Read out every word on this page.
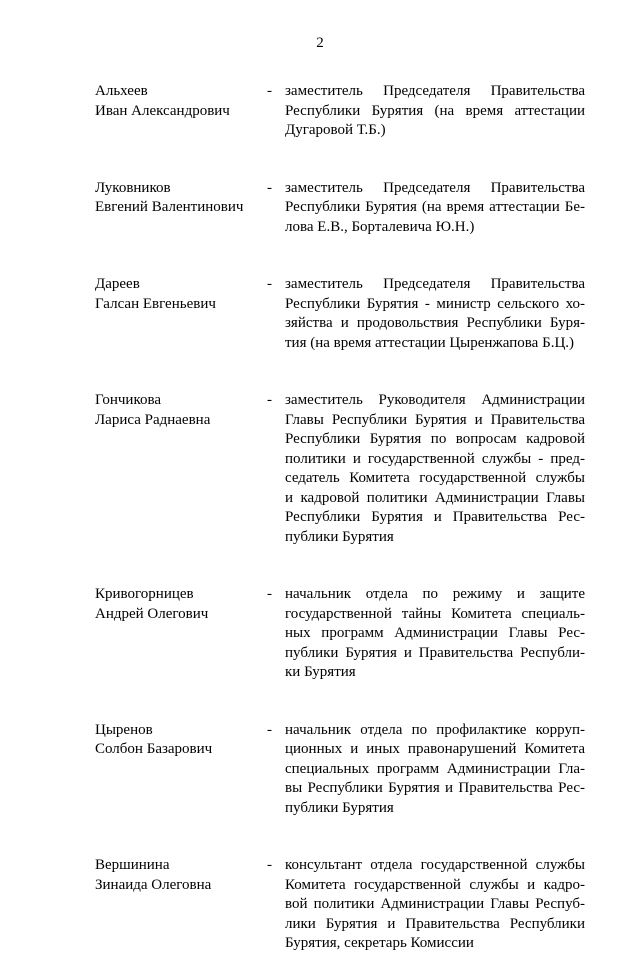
2
Альхеев
Иван Александрович
- заместитель Председателя Правительства
Республики Бурятия (на время аттестации
Дугаровой Т.Б.)
Луковников
Евгений Валентинович
- заместитель Председателя Правительства
Республики Бурятия (на время аттестации Бе-
лова Е.В., Борталевича Ю.Н.)
Дареев
Галсан Евгеньевич
- заместитель Председателя Правительства
Республики Бурятия - министр сельского хо-
зяйства и продовольствия Республики Буря-
тия (на время аттестации Цыренжапова Б.Ц.)
Гончикова
Лариса Раднаевна
- заместитель Руководителя Администрации
Главы Республики Бурятия и Правительства
Республики Бурятия по вопросам кадровой
политики и государственной службы - пред-
седатель Комитета государственной службы
и кадровой политики Администрации Главы
Республики Бурятия и Правительства Рес-
публики Бурятия
Кривогорницев
Андрей Олегович
- начальник отдела по режиму и защите
государственной тайны Комитета специаль-
ных программ Администрации Главы Рес-
публики Бурятия и Правительства Республи-
ки Бурятия
Цыренов
Солбон Базарович
- начальник отдела по профилактике корруп-
ционных и иных правонарушений Комитета
специальных программ Администрации Гла-
вы Республики Бурятия и Правительства Рес-
публики Бурятия
Вершинина
Зинаида Олеговна
- консультант отдела государственной службы
Комитета государственной службы и кадро-
вой политики Администрации Главы Респуб-
лики Бурятия и Правительства Республики
Бурятия, секретарь Комиссии
